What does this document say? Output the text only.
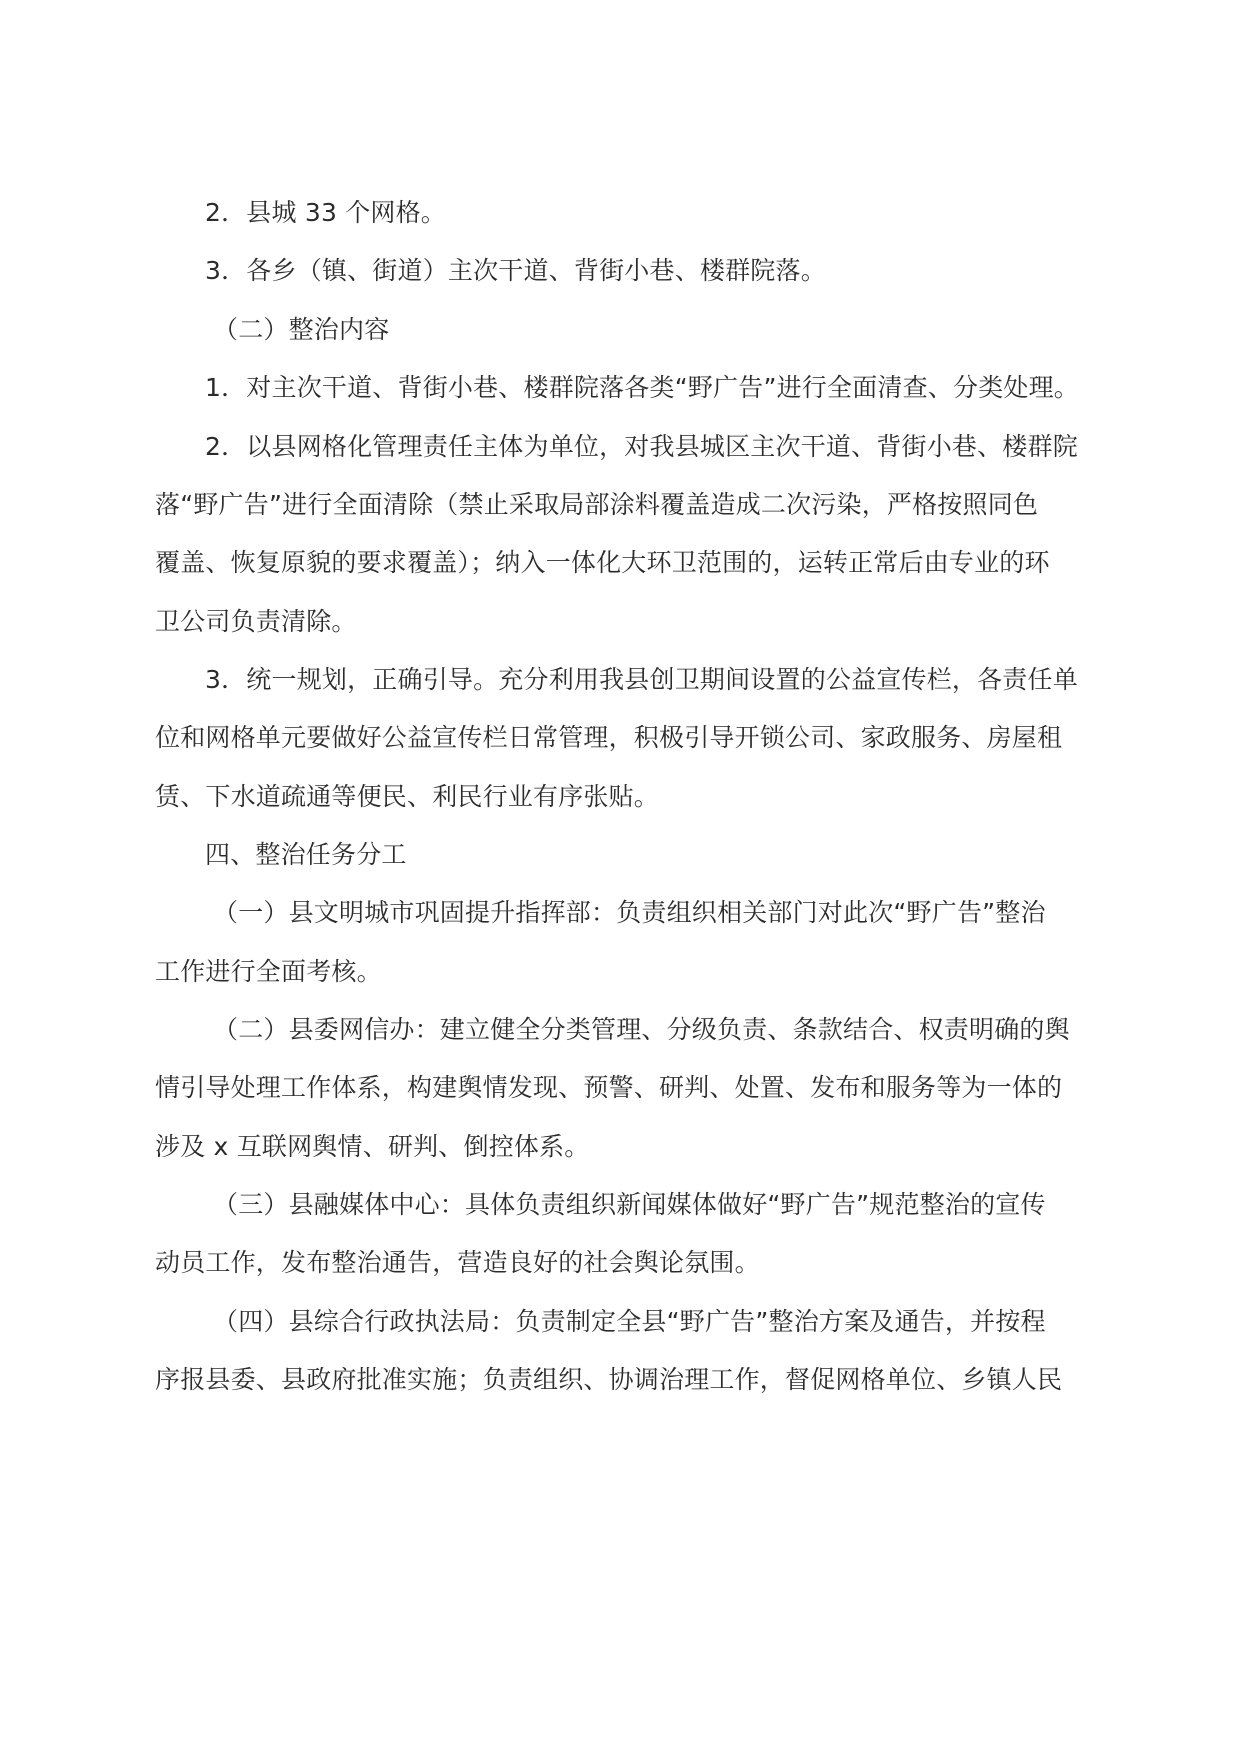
2．县城 33 个网格。
3．各乡（镇、街道）主次干道、背街小巷、楼群院落。
（二）整治内容
1．对主次干道、背街小巷、楼群院落各类“野广告”进行全面清查、分类处理。
2．以县网格化管理责任主体为单位，对我县城区主次干道、背街小巷、楼群院
落“野广告”进行全面清除（禁止采取局部涂料覆盖造成二次污染，严格按照同色
覆盖、恢复原貌的要求覆盖）；纳入一体化大环卫范围的，运转正常后由专业的环
卫公司负责清除。
3．统一规划，正确引导。充分利用我县创卫期间设置的公益宣传栏，各责任单
位和网格单元要做好公益宣传栏日常管理，积极引导开锁公司、家政服务、房屋租
赁、下水道疏通等便民、利民行业有序张贴。
四、整治任务分工
（一）县文明城市巩固提升指挥部：负责组织相关部门对此次“野广告”整治
工作进行全面考核。
（二）县委网信办：建立健全分类管理、分级负责、条款结合、权责明确的舆
情引导处理工作体系，构建舆情发现、预警、研判、处置、发布和服务等为一体的
涉及 x 互联网舆情、研判、倒控体系。
（三）县融媒体中心：具体负责组织新闻媒体做好“野广告”规范整治的宣传
动员工作，发布整治通告，营造良好的社会舆论氛围。
（四）县综合行政执法局：负责制定全县“野广告”整治方案及通告，并按程
序报县委、县政府批准实施；负责组织、协调治理工作，督促网格单位、乡镇人民
